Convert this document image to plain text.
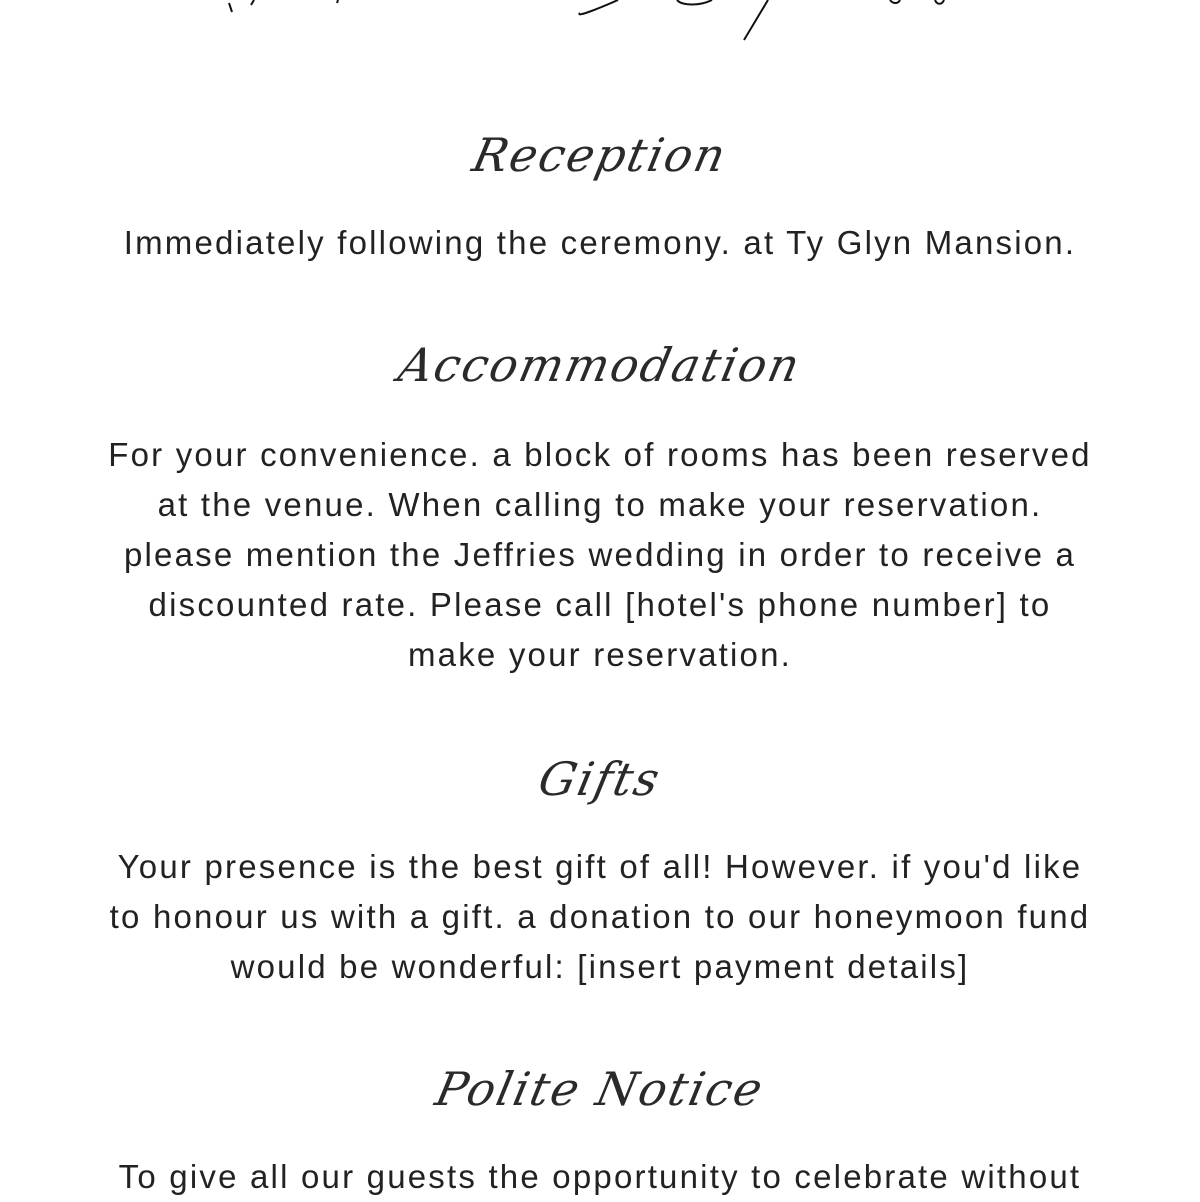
Reception

Immediately following the ceremony. at Ty Glyn Mansion.

Accommodation

For your convenience. a block of rooms has been reserved at the venue. When calling to make your reservation. please mention the Jeffries wedding in order to receive a discounted rate. Please call [hotel's phone number] to make your reservation.

Gifts

Your presence is the best gift of all! However. if you'd like to honour us with a gift. a donation to our honeymoon fund would be wonderful: [insert payment details]

Polite Notice

To give all our guests the opportunity to celebrate without
